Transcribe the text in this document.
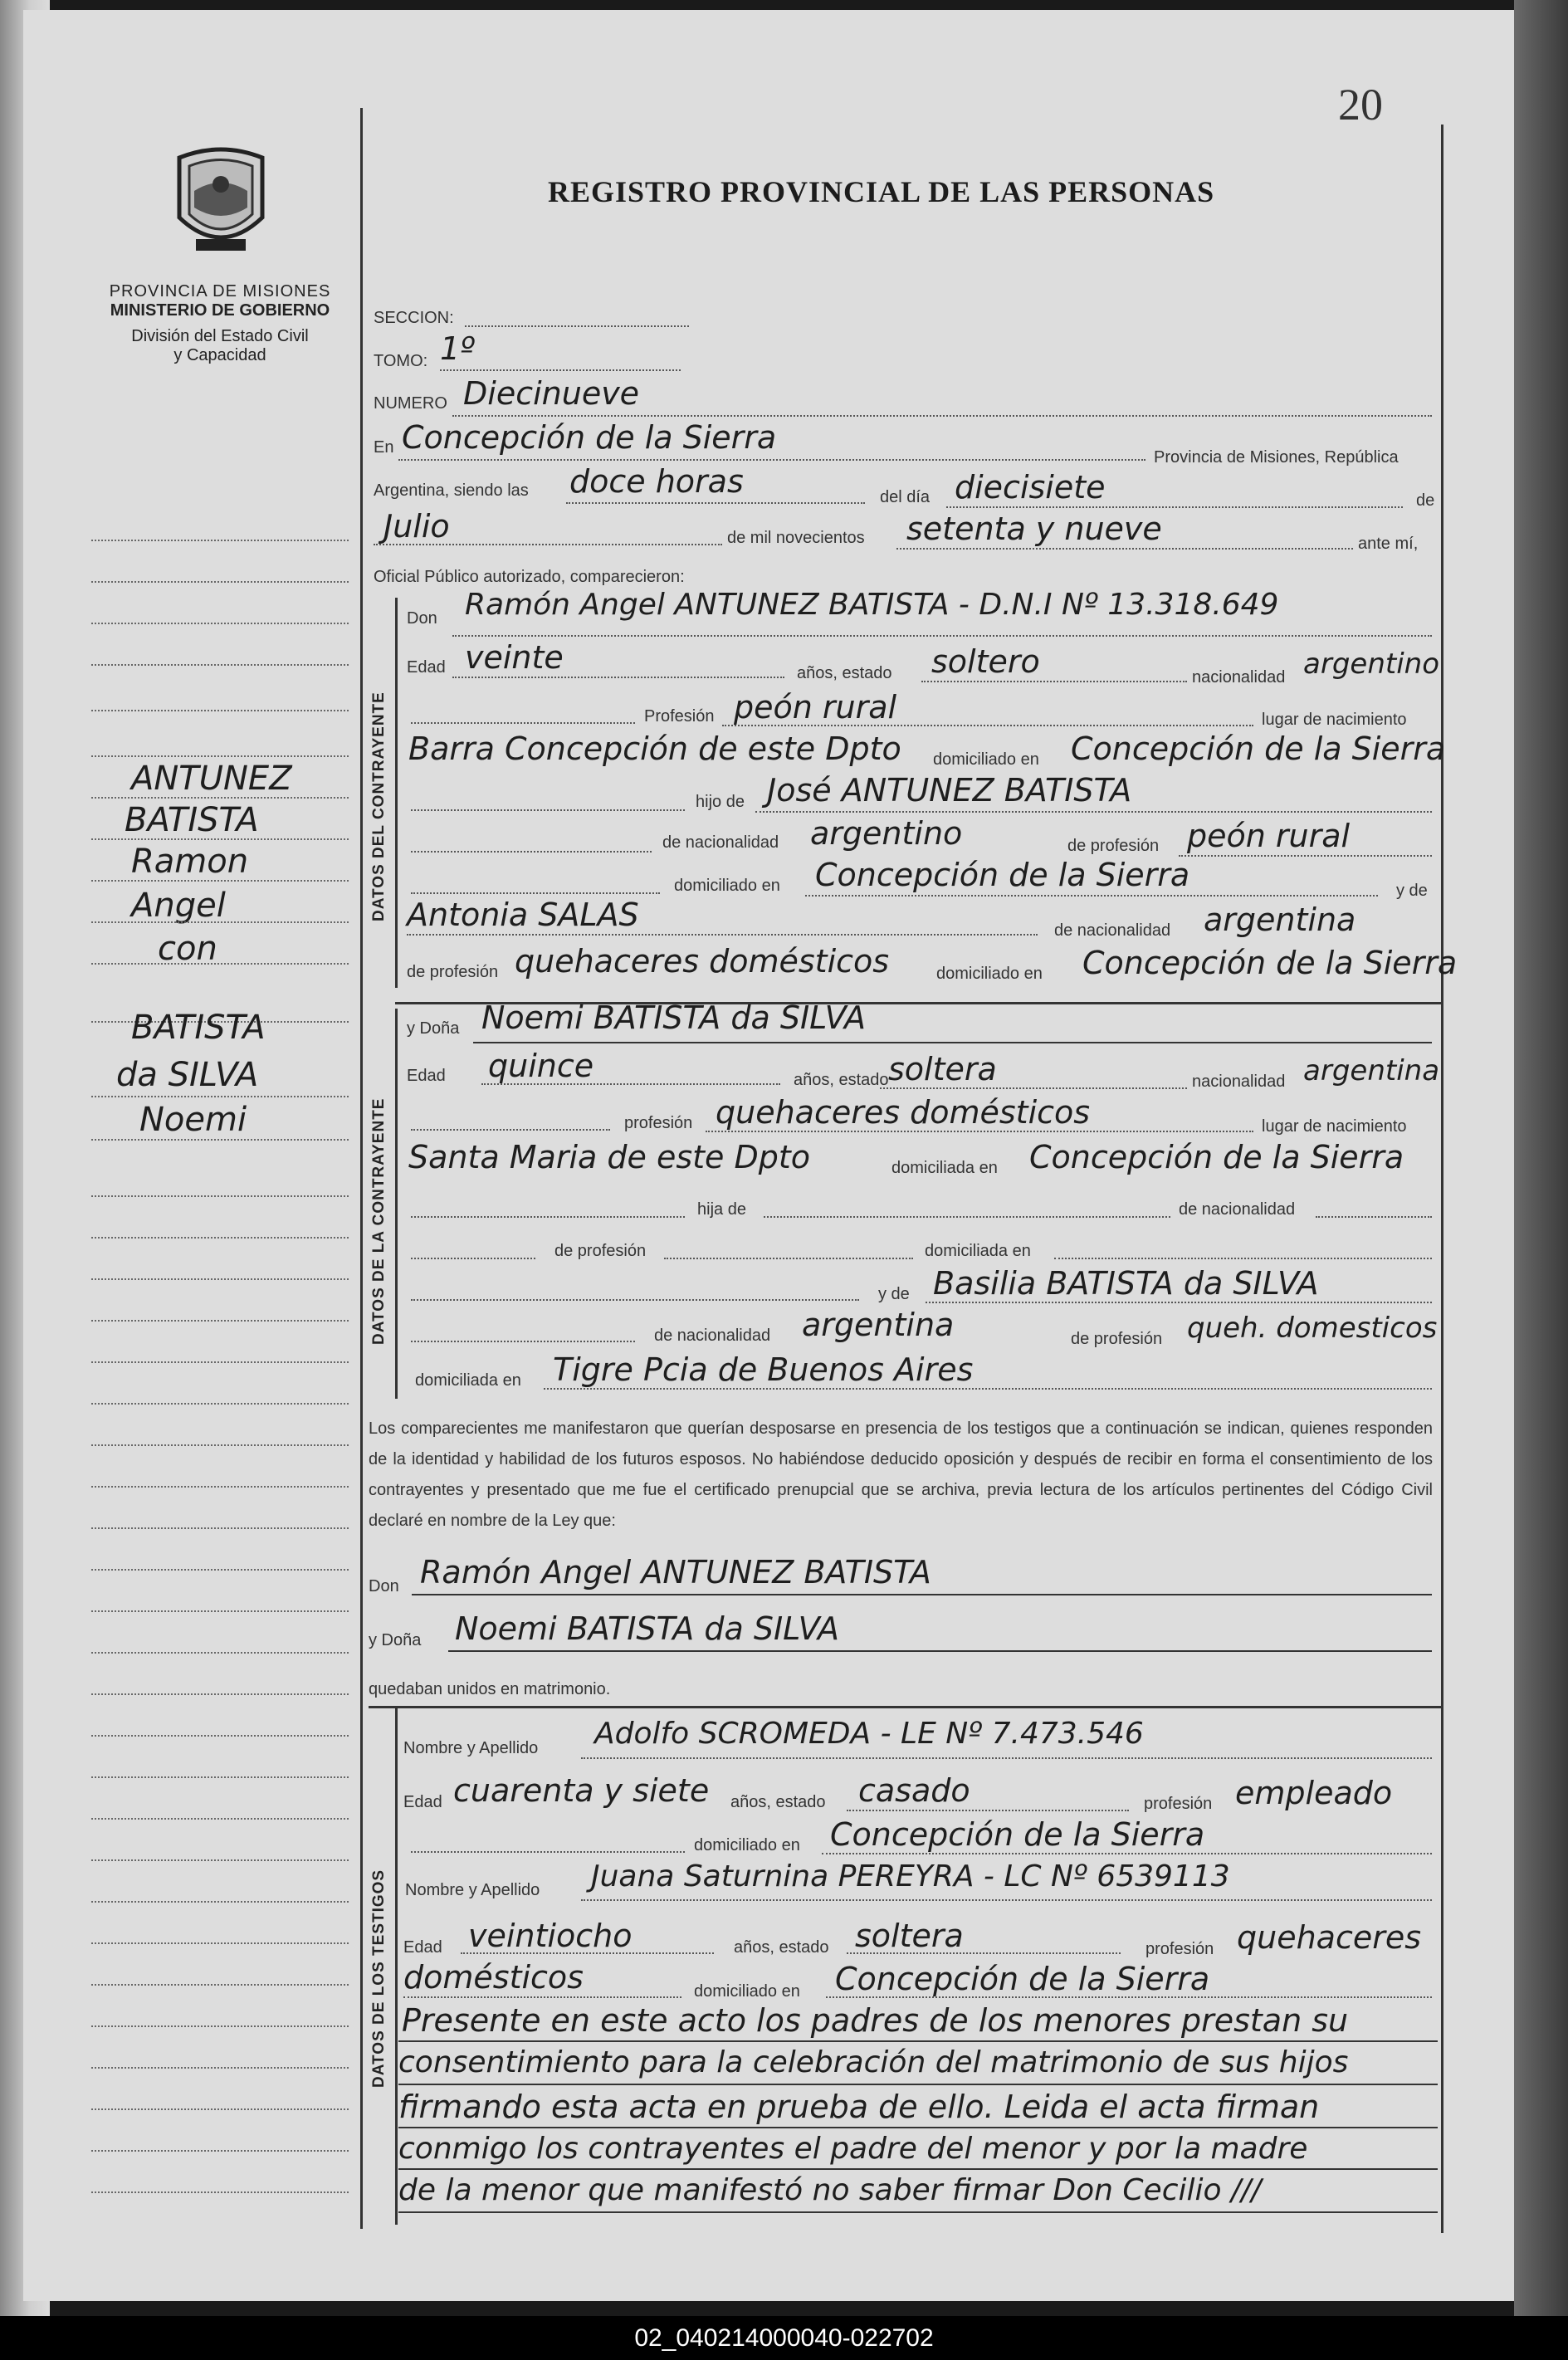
20
PROVINCIA DE MISIONES
MINISTERIO DE GOBIERNO
División del Estado Civil
y Capacidad
REGISTRO PROVINCIAL DE LAS PERSONAS
DATOS DEL CONTRAYENTE
DATOS DE LA CONTRAYENTE
DATOS DE LOS TESTIGOS
SECCION:
TOMO: 1º
NUMERO Diecinueve
En Concepción de la Sierra
Provincia de Misiones, República
Argentina, siendo las doce horas	del día diecisiete	de
Julio	de mil novecientos setenta y nueve	ante mí,
Oficial Público autorizado, comparecieron:
Don Ramón Angel ANTUNEZ BATISTA - D.N.I Nº 13.318.649
Edad veinte	años, estado soltero	nacionalidad argentino
Profesión peón rural	lugar de nacimiento
Barra Concepción de este Dpto domiciliado en Concepción de la Sierra
hijo de José ANTUNEZ BATISTA
de nacionalidad argentino	de profesión peón rural
domiciliado en Concepción de la Sierra	y de
Antonia SALAS	de nacionalidad argentina
de profesión quehaceres domésticos	domiciliado en Concepción de la Sierra
y Doña Noemi BATISTA da SILVA
Edad quince	años, estado soltera	nacionalidad argentina
profesión quehaceres domésticos	lugar de nacimiento
Santa Maria de este Dpto	domiciliada en Concepción de la Sierra
hija de	de nacionalidad
de profesión	domiciliada en
y de Basilia BATISTA da SILVA
de nacionalidad argentina	de profesión queh. domesticos
domiciliada en Tigre Pcia de Buenos Aires
Los comparecientes me manifestaron que querían desposarse en presencia de los testigos que a continuación se indican, quienes responden de la identidad y habilidad de los futuros esposos. No habiéndose deducido oposición y después de recibir en forma el consentimiento de los contrayentes y presentado que me fue el certificado prenupcial que se archiva, previa lectura de los artículos pertinentes del Código Civil declaré en nombre de la Ley que:
Don Ramón Angel ANTUNEZ BATISTA
y Doña Noemi BATISTA da SILVA
quedaban unidos en matrimonio.
Nombre y Apellido Adolfo SCROMEDA - LE Nº 7.473.546
Edad cuarenta y siete años, estado casado	profesión empleado
domiciliado en Concepción de la Sierra
Nombre y Apellido Juana Saturnina PEREYRA - LC Nº 6539113
Edad veintiocho	años, estado soltera	profesión quehaceres
domésticos	domiciliado en Concepción de la Sierra
Presente en este acto los padres de los menores prestan su
consentimiento para la celebración del matrimonio de sus hijos
firmando esta acta en prueba de ello. Leida el acta firman
conmigo los contrayentes el padre del menor y por la madre
de la menor que manifestó no saber firmar Don Cecilio ///
ANTUNEZ
BATISTA
Ramon
Angel
con
BATISTA
da SILVA
Noemi
02_040214000040-022702
